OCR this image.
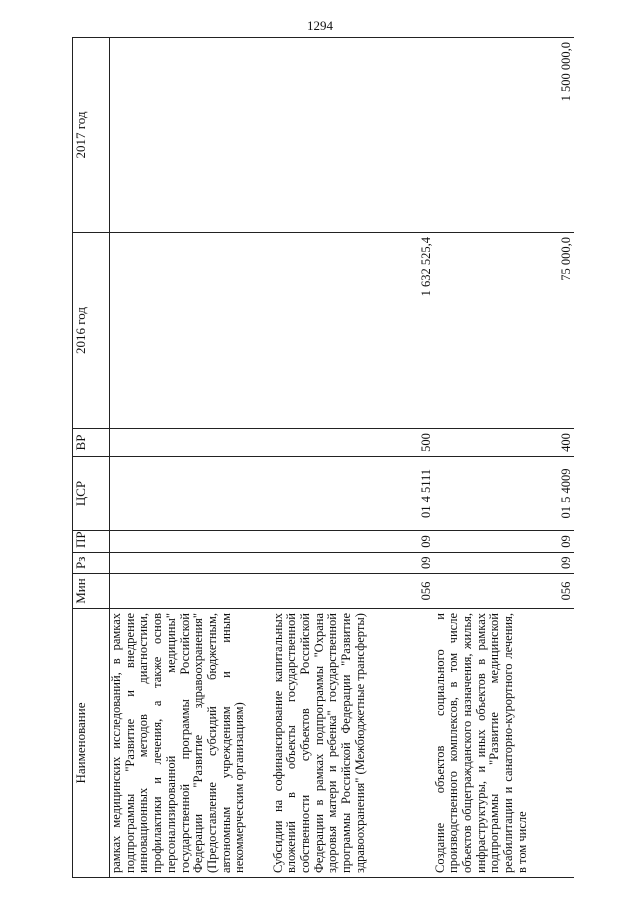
1294
Наименование	Мин	Рз	ПР	ЦСР	ВР	2016 год	2017 год
рамках медицинских исследований, в рамках подпрограммы "Развитие и внедрение инновационных методов диагностики, профилактики и лечения, а также основ персонализированной медицины" государственной программы Российской Федерации "Развитие здравоохранения" (Предоставление субсидий бюджетным, автономным учреждениям и иным некоммерческим организациям)							
Субсидии на софинансирование капитальных вложений в объекты государственной собственности субъектов Российской Федерации в рамках подпрограммы "Охрана здоровья матери и ребенка" государственной программы Российской Федерации "Развитие здравоохранения" (Межбюджетные трансферты)	056	09	09	01 4 5111	500	1 632 525,4	
Создание объектов социального и производственного комплексов, в том числе объектов общегражданского назначения, жилья, инфраструктуры, и иных объектов в рамках подпрограммы "Развитие медицинской реабилитации и санаторно-курортного лечения, в том числе	056	09	09	01 5 4009	400	75 000,0	1 500 000,0
